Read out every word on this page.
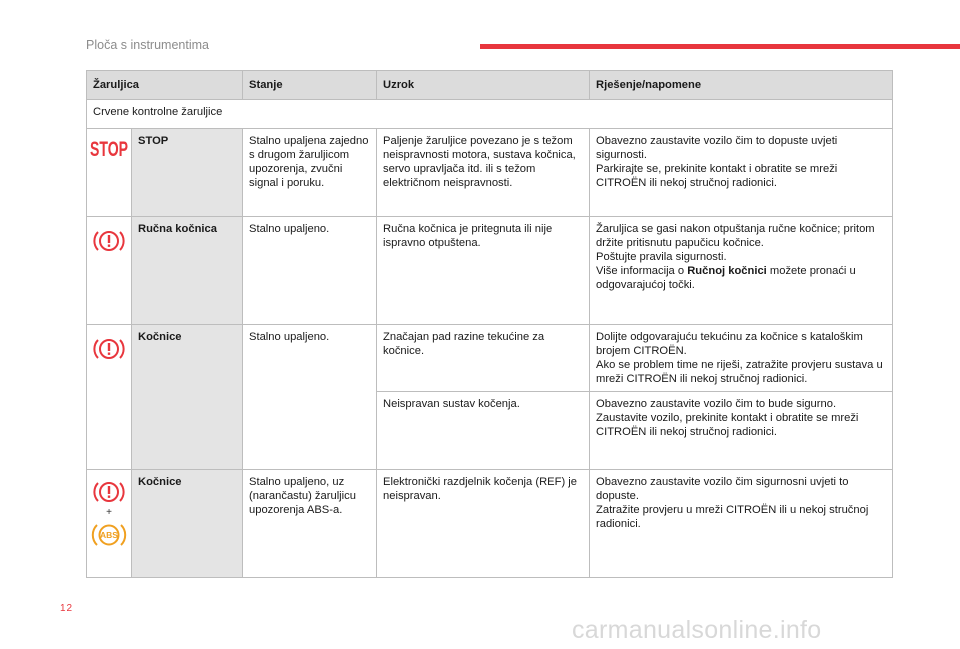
Ploča s instrumentima
Žaruljica		Stanje	Uzrok	Rješenje/napomene
Crvene kontrolne žaruljice				

STOP	STOP	Stalno upaljena zajedno s drugom žaruljicom upozorenja, zvučni signal i poruku.	Paljenje žaruljice povezano je s težom neispravnosti motora, sustava kočnica, servo upravljača itd. ili s težom električnom neispravnosti.	Obavezno zaustavite vozilo čim to dopuste uvjeti sigurnosti.
Parkirajte se, prekinite kontakt i obratite se mreži CITROËN ili nekoj stručnoj radionici.

	Ručna kočnica	Stalno upaljeno.	Ručna kočnica je pritegnuta ili nije ispravno otpuštena.	Žaruljica se gasi nakon otpuštanja ručne kočnice; pritom držite pritisnutu papučicu kočnice.
Poštujte pravila sigurnosti.
Više informacija o Ručnoj kočnici možete pronaći u odgovarajućoj točki.

	Kočnice	Stalno upaljeno.	Značajan pad razine tekućine za kočnice.	Dolijte odgovarajuću tekućinu za kočnice s kataloškim brojem CITROËN.
Ako se problem time ne riješi, zatražite provjeru sustava u mreži CITROËN ili nekoj stručnoj radionici.
			Neispravan sustav kočenja.	Obavezno zaustavite vozilo čim to bude sigurno.
Zaustavite vozilo, prekinite kontakt i obratite se mreži CITROËN ili nekoj stručnoj radionici.

+
ABS	Kočnice	Stalno upaljeno, uz (narančastu) žaruljicu upozorenja ABS-a.	Elektronički razdjelnik kočenja (REF) je neispravan.	Obavezno zaustavite vozilo čim sigurnosni uvjeti to dopuste.
Zatražite provjeru u mreži CITROËN ili u nekoj stručnoj radionici.
12
carmanualsonline.info
